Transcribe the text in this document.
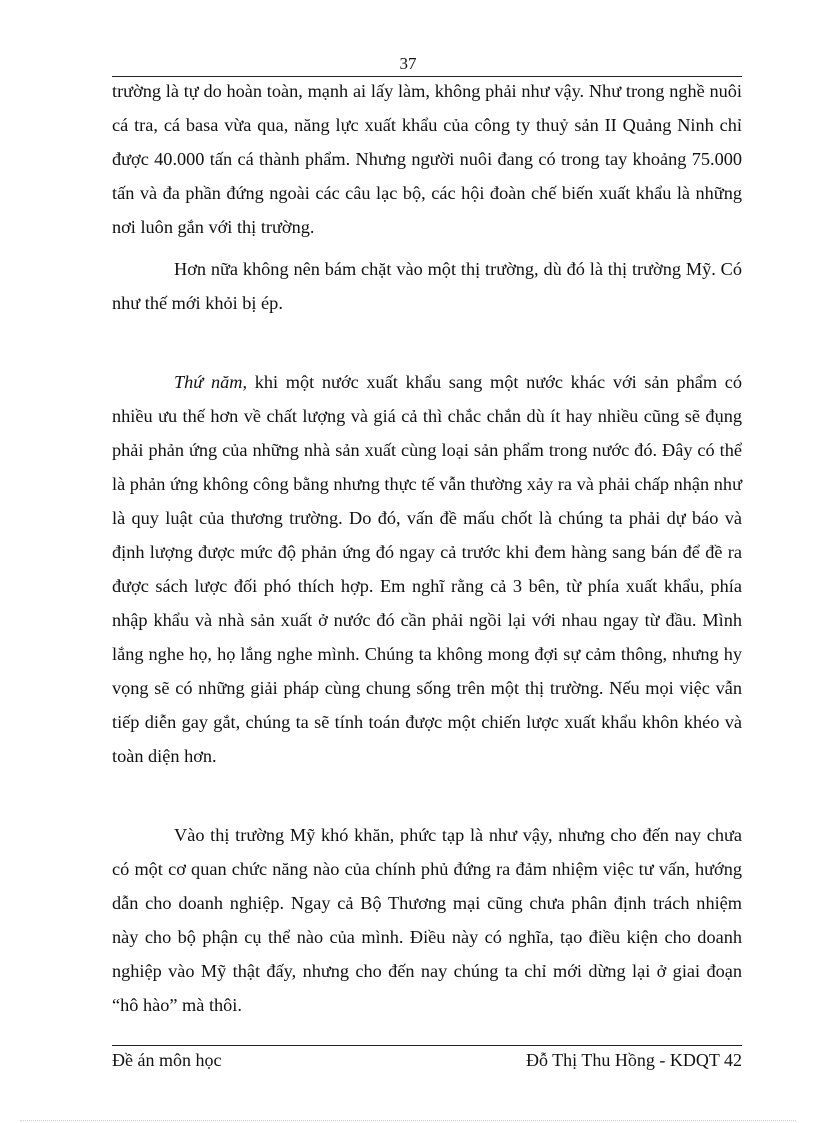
37

trường là tự do hoàn toàn, mạnh ai lấy làm, không phải như vậy. Như trong nghề nuôi cá tra, cá basa vừa qua, năng lực xuất khẩu của công ty thuỷ sản II Quảng Ninh chỉ được 40.000 tấn cá thành phẩm. Nhưng người nuôi đang có trong tay khoảng 75.000 tấn và đa phần đứng ngoài các câu lạc bộ, các hội đoàn chế biến xuất khẩu là những nơi luôn gắn với thị trường.

Hơn nữa không nên bám chặt vào một thị trường, dù đó là thị trường Mỹ. Có như thế mới khỏi bị ép.

Thứ năm, khi một nước xuất khẩu sang một nước khác với sản phẩm có nhiều ưu thế hơn về chất lượng và giá cả thì chắc chắn dù ít hay nhiều cũng sẽ đụng phải phản ứng của những nhà sản xuất cùng loại sản phẩm trong nước đó. Đây có thể là phản ứng không công bằng nhưng thực tế vẫn thường xảy ra và phải chấp nhận như là quy luật của thương trường. Do đó, vấn đề mấu chốt là chúng ta phải dự báo và định lượng được mức độ phản ứng đó ngay cả trước khi đem hàng sang bán để đề ra được sách lược đối phó thích hợp. Em nghĩ rằng cả 3 bên, từ phía xuất khẩu, phía nhập khẩu và nhà sản xuất ở nước đó cần phải ngồi lại với nhau ngay từ đầu. Mình lắng nghe họ, họ lắng nghe mình. Chúng ta không mong đợi sự cảm thông, nhưng hy vọng sẽ có những giải pháp cùng chung sống trên một thị trường. Nếu mọi việc vẫn tiếp diễn gay gắt, chúng ta sẽ tính toán được một chiến lược xuất khẩu khôn khéo và toàn diện hơn.

Vào thị trường Mỹ khó khăn, phức tạp là như vậy, nhưng cho đến nay chưa có một cơ quan chức năng nào của chính phủ đứng ra đảm nhiệm việc tư vấn, hướng dẫn cho doanh nghiệp. Ngay cả Bộ Thương mại cũng chưa phân định trách nhiệm này cho bộ phận cụ thể nào của mình. Điều này có nghĩa, tạo điều kiện cho doanh nghiệp vào Mỹ thật đấy, nhưng cho đến nay chúng ta chỉ mới dừng lại ở giai đoạn “hô hào” mà thôi.

Đề án môn học	Đỗ Thị Thu Hồng - KDQT 42
